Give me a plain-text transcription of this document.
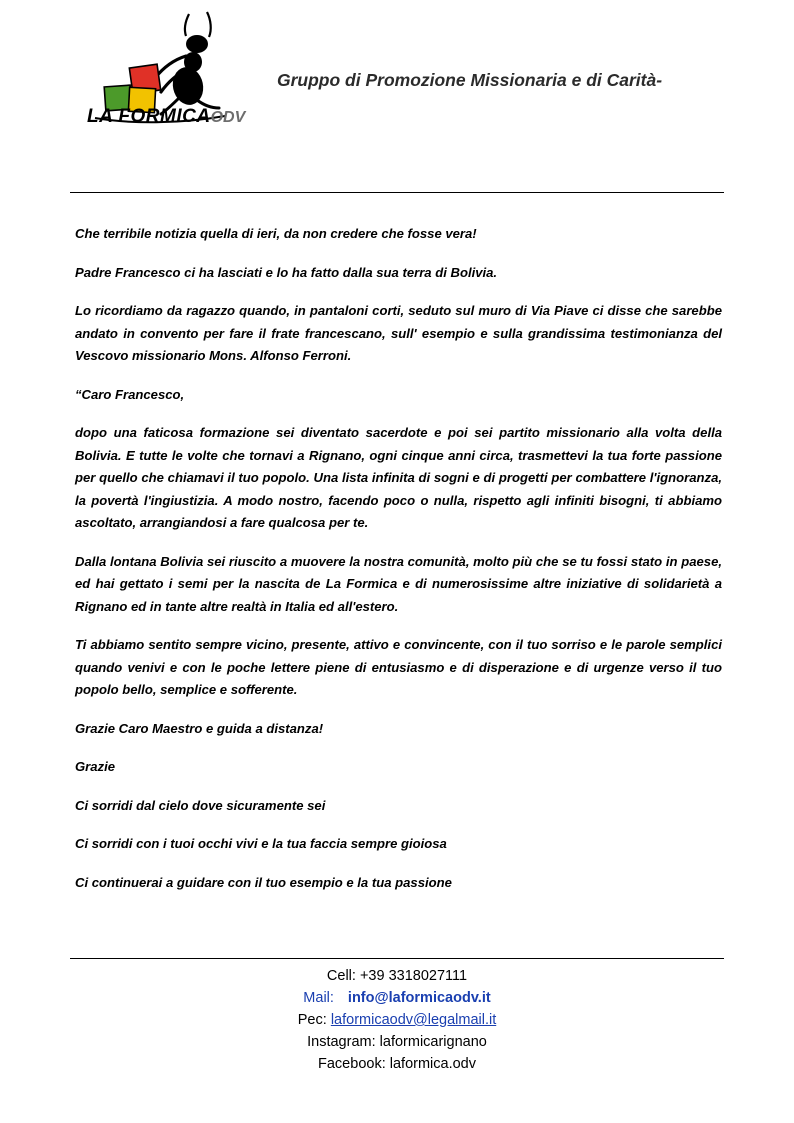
LA FORMICAODV
Gruppo di Promozione Missionaria e di Carità-

Che terribile notizia quella di ieri, da non credere che fosse vera!

Padre Francesco ci ha lasciati e lo ha fatto dalla sua terra di Bolivia.

Lo ricordiamo da ragazzo quando, in pantaloni corti, seduto sul muro di Via Piave ci disse che sarebbe andato in convento per fare il frate francescano, sull' esempio e sulla grandissima testimonianza del Vescovo missionario Mons. Alfonso Ferroni.

“Caro Francesco,

dopo una faticosa formazione sei diventato sacerdote e poi sei partito missionario alla volta della Bolivia. E tutte le volte che tornavi a Rignano, ogni cinque anni circa, trasmettevi la tua forte passione per quello che chiamavi il tuo popolo. Una lista infinita di sogni e di progetti per combattere l'ignoranza, la povertà l'ingiustizia. A modo nostro, facendo poco o nulla, rispetto agli infiniti bisogni, ti abbiamo ascoltato, arrangiandosi a fare qualcosa per te.

Dalla lontana Bolivia sei riuscito a muovere la nostra comunità, molto più che se tu fossi stato in paese, ed hai gettato i semi per la nascita de La Formica e di numerosissime altre iniziative di solidarietà a Rignano ed in tante altre realtà in Italia ed all'estero.

Ti abbiamo sentito sempre vicino, presente, attivo e convincente, con il tuo sorriso e le parole semplici quando venivi e con le poche lettere piene di entusiasmo e di disperazione e di urgenze verso il tuo popolo bello, semplice e sofferente.

Grazie Caro Maestro e guida a distanza!

Grazie

Ci sorridi dal cielo dove sicuramente sei

Ci sorridi con i tuoi occhi vivi e la tua faccia sempre gioiosa

Ci continuerai a guidare con il tuo esempio e la tua passione

Cell: +39 3318027111
Mail: info@laformicaodv.it
Pec: laformicaodv@legalmail.it
Instagram: laformicarignano
Facebook: laformica.odv
